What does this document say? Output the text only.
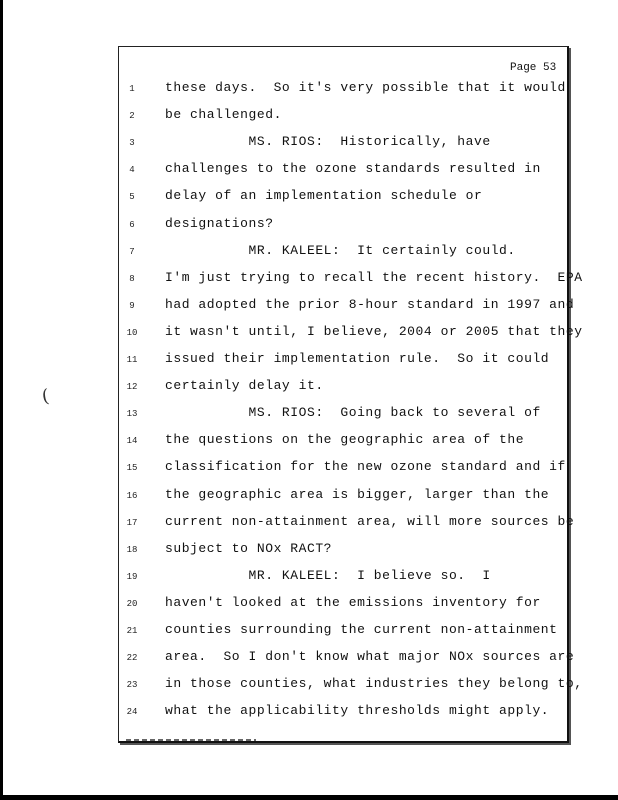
(
Page 53
1	these days.  So it's very possible that it would
2	be challenged.
3	MS. RIOS:  Historically, have
4	challenges to the ozone standards resulted in
5	delay of an implementation schedule or
6	designations?
7	MR. KALEEL:  It certainly could.
8	I'm just trying to recall the recent history.  EPA
9	had adopted the prior 8-hour standard in 1997 and
10	it wasn't until, I believe, 2004 or 2005 that they
11	issued their implementation rule.  So it could
12	certainly delay it.
13	MS. RIOS:  Going back to several of
14	the questions on the geographic area of the
15	classification for the new ozone standard and if
16	the geographic area is bigger, larger than the
17	current non-attainment area, will more sources be
18	subject to NOx RACT?
19	MR. KALEEL:  I believe so.  I
20	haven't looked at the emissions inventory for
21	counties surrounding the current non-attainment
22	area.  So I don't know what major NOx sources are
23	in those counties, what industries they belong to,
24	what the applicability thresholds might apply.
